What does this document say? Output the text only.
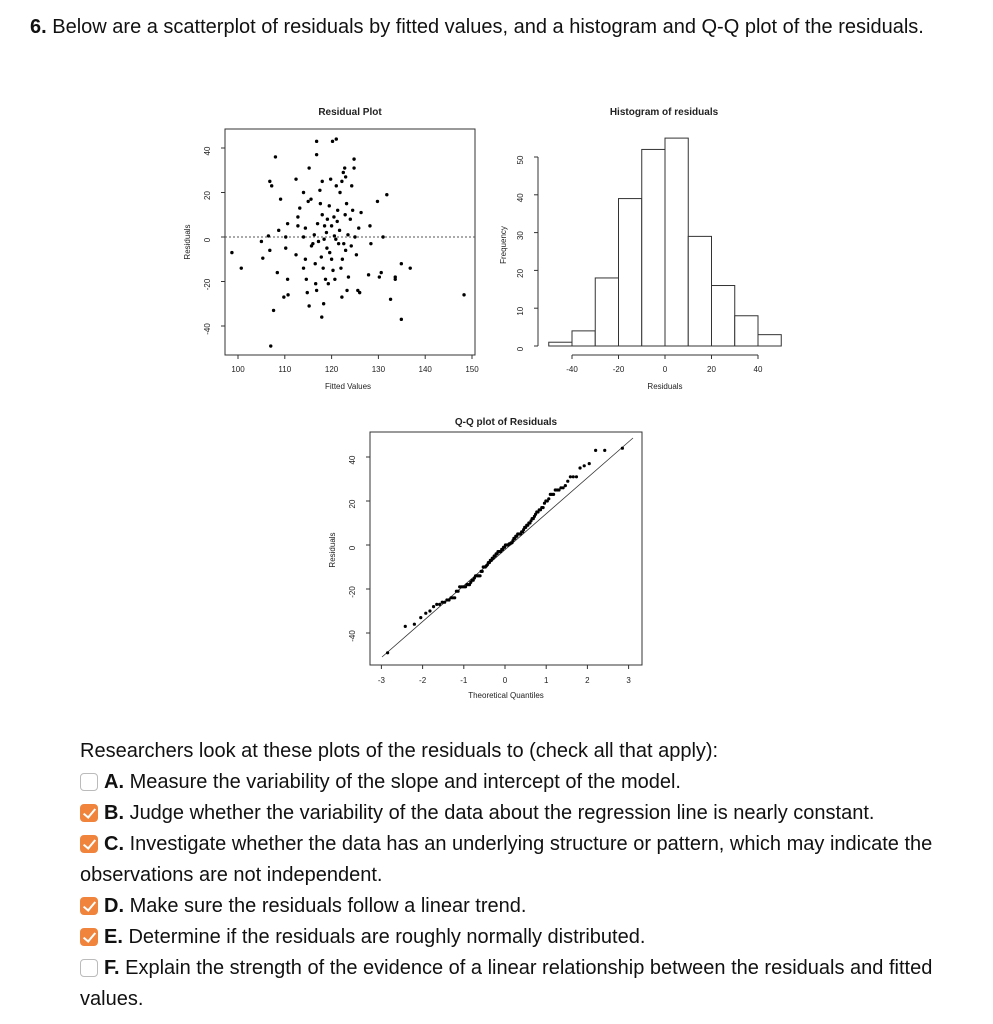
6. Below are a scatterplot of residuals by fitted values, and a histogram and Q-Q plot of the residuals.
Residual Plot
100	110	120	130	140	150
-40
-20
0
20
40
Fitted Values
Residuals
Histogram of residuals
-40	-20	0	20	40
0
10
20
30
40
50
Residuals
Frequency
Q-Q plot of Residuals
-3	-2	-1	0	1	2	3
-40
-20
0
20
40
Theoretical Quantiles
Residuals
Researchers look at these plots of the residuals to (check all that apply):
A. Measure the variability of the slope and intercept of the model.
B. Judge whether the variability of the data about the regression line is nearly constant.
C. Investigate whether the data has an underlying structure or pattern, which may indicate the observations are not independent.
D. Make sure the residuals follow a linear trend.
E. Determine if the residuals are roughly normally distributed.
F. Explain the strength of the evidence of a linear relationship between the residuals and fitted values.
